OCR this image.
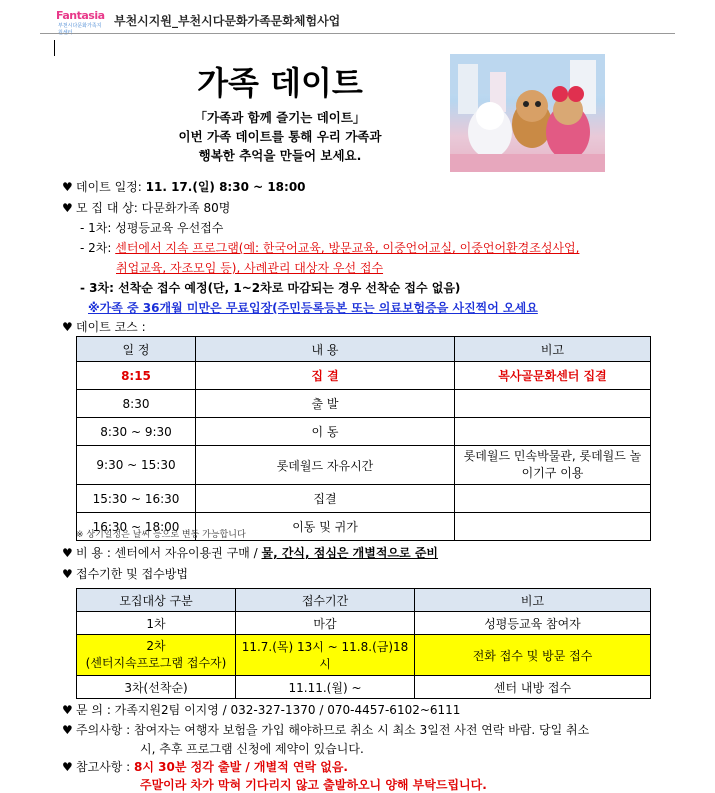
Fantasia
부천시다문화가족지원센터
부천시지원_부천시다문화가족문화체험사업
가족 데이트
「가족과 함께 즐기는 데이트」
이번 가족 데이트를 통해 우리 가족과
행복한 추억을 만들어 보세요.
♥ 데이트 일정: 11. 17.(일) 8:30 ~ 18:00
♥ 모 집 대 상: 다문화가족 80명
- 1차: 성평등교육 우선접수
- 2차: 센터에서 지속 프로그램(예: 한국어교육, 방문교육, 이중언어교실, 이중언어환경조성사업,
취업교육, 자조모임 등), 사례관리 대상자 우선 접수
- 3차: 선착순 접수 예정(단, 1~2차로 마감되는 경우 선착순 접수 없음)
※가족 중 36개월 미만은 무료입장(주민등록등본 또는 의료보험증을 사진찍어 오세요
♥ 데이트 코스 :
일 정	내 용	비고
8:15	집 결	복사골문화센터 집결
8:30	출 발	
8:30 ~ 9:30	이 동	
9:30 ~ 15:30	롯데월드 자유시간	롯데월드 민속박물관, 롯데월드 놀이기구 이용
15:30 ~ 16:30	집결	
16:30 ~ 18:00	이동 및 귀가	
※ 상기일정은 날씨 등으로 변동 가능합니다
♥ 비 용 : 센터에서 자유이용권 구매 / 물, 간식, 점심은 개별적으로 준비
♥ 접수기한 및 접수방법
모집대상 구분	접수기간	비고
1차	마감	성평등교육 참여자

2차
(센터지속프로그램 접수자)	11.7.(목) 13시 ~ 11.8.(금)18시	전화 접수 및 방문 접수
3차(선착순)	11.11.(월) ~	센터 내방 접수
♥ 문 의 : 가족지원2팀 이지영 / 032-327-1370 / 070-4457-6102~6111
♥ 주의사항 : 참여자는 여행자 보험을 가입 해야하므로 취소 시 최소 3일전 사전 연락 바람. 당일 취소
시, 추후 프로그램 신청에 제약이 있습니다.
♥ 참고사항 : 8시 30분 정각 출발 / 개별적 연락 없음.
주말이라 차가 막혀 기다리지 않고 출발하오니 양해 부탁드립니다.
